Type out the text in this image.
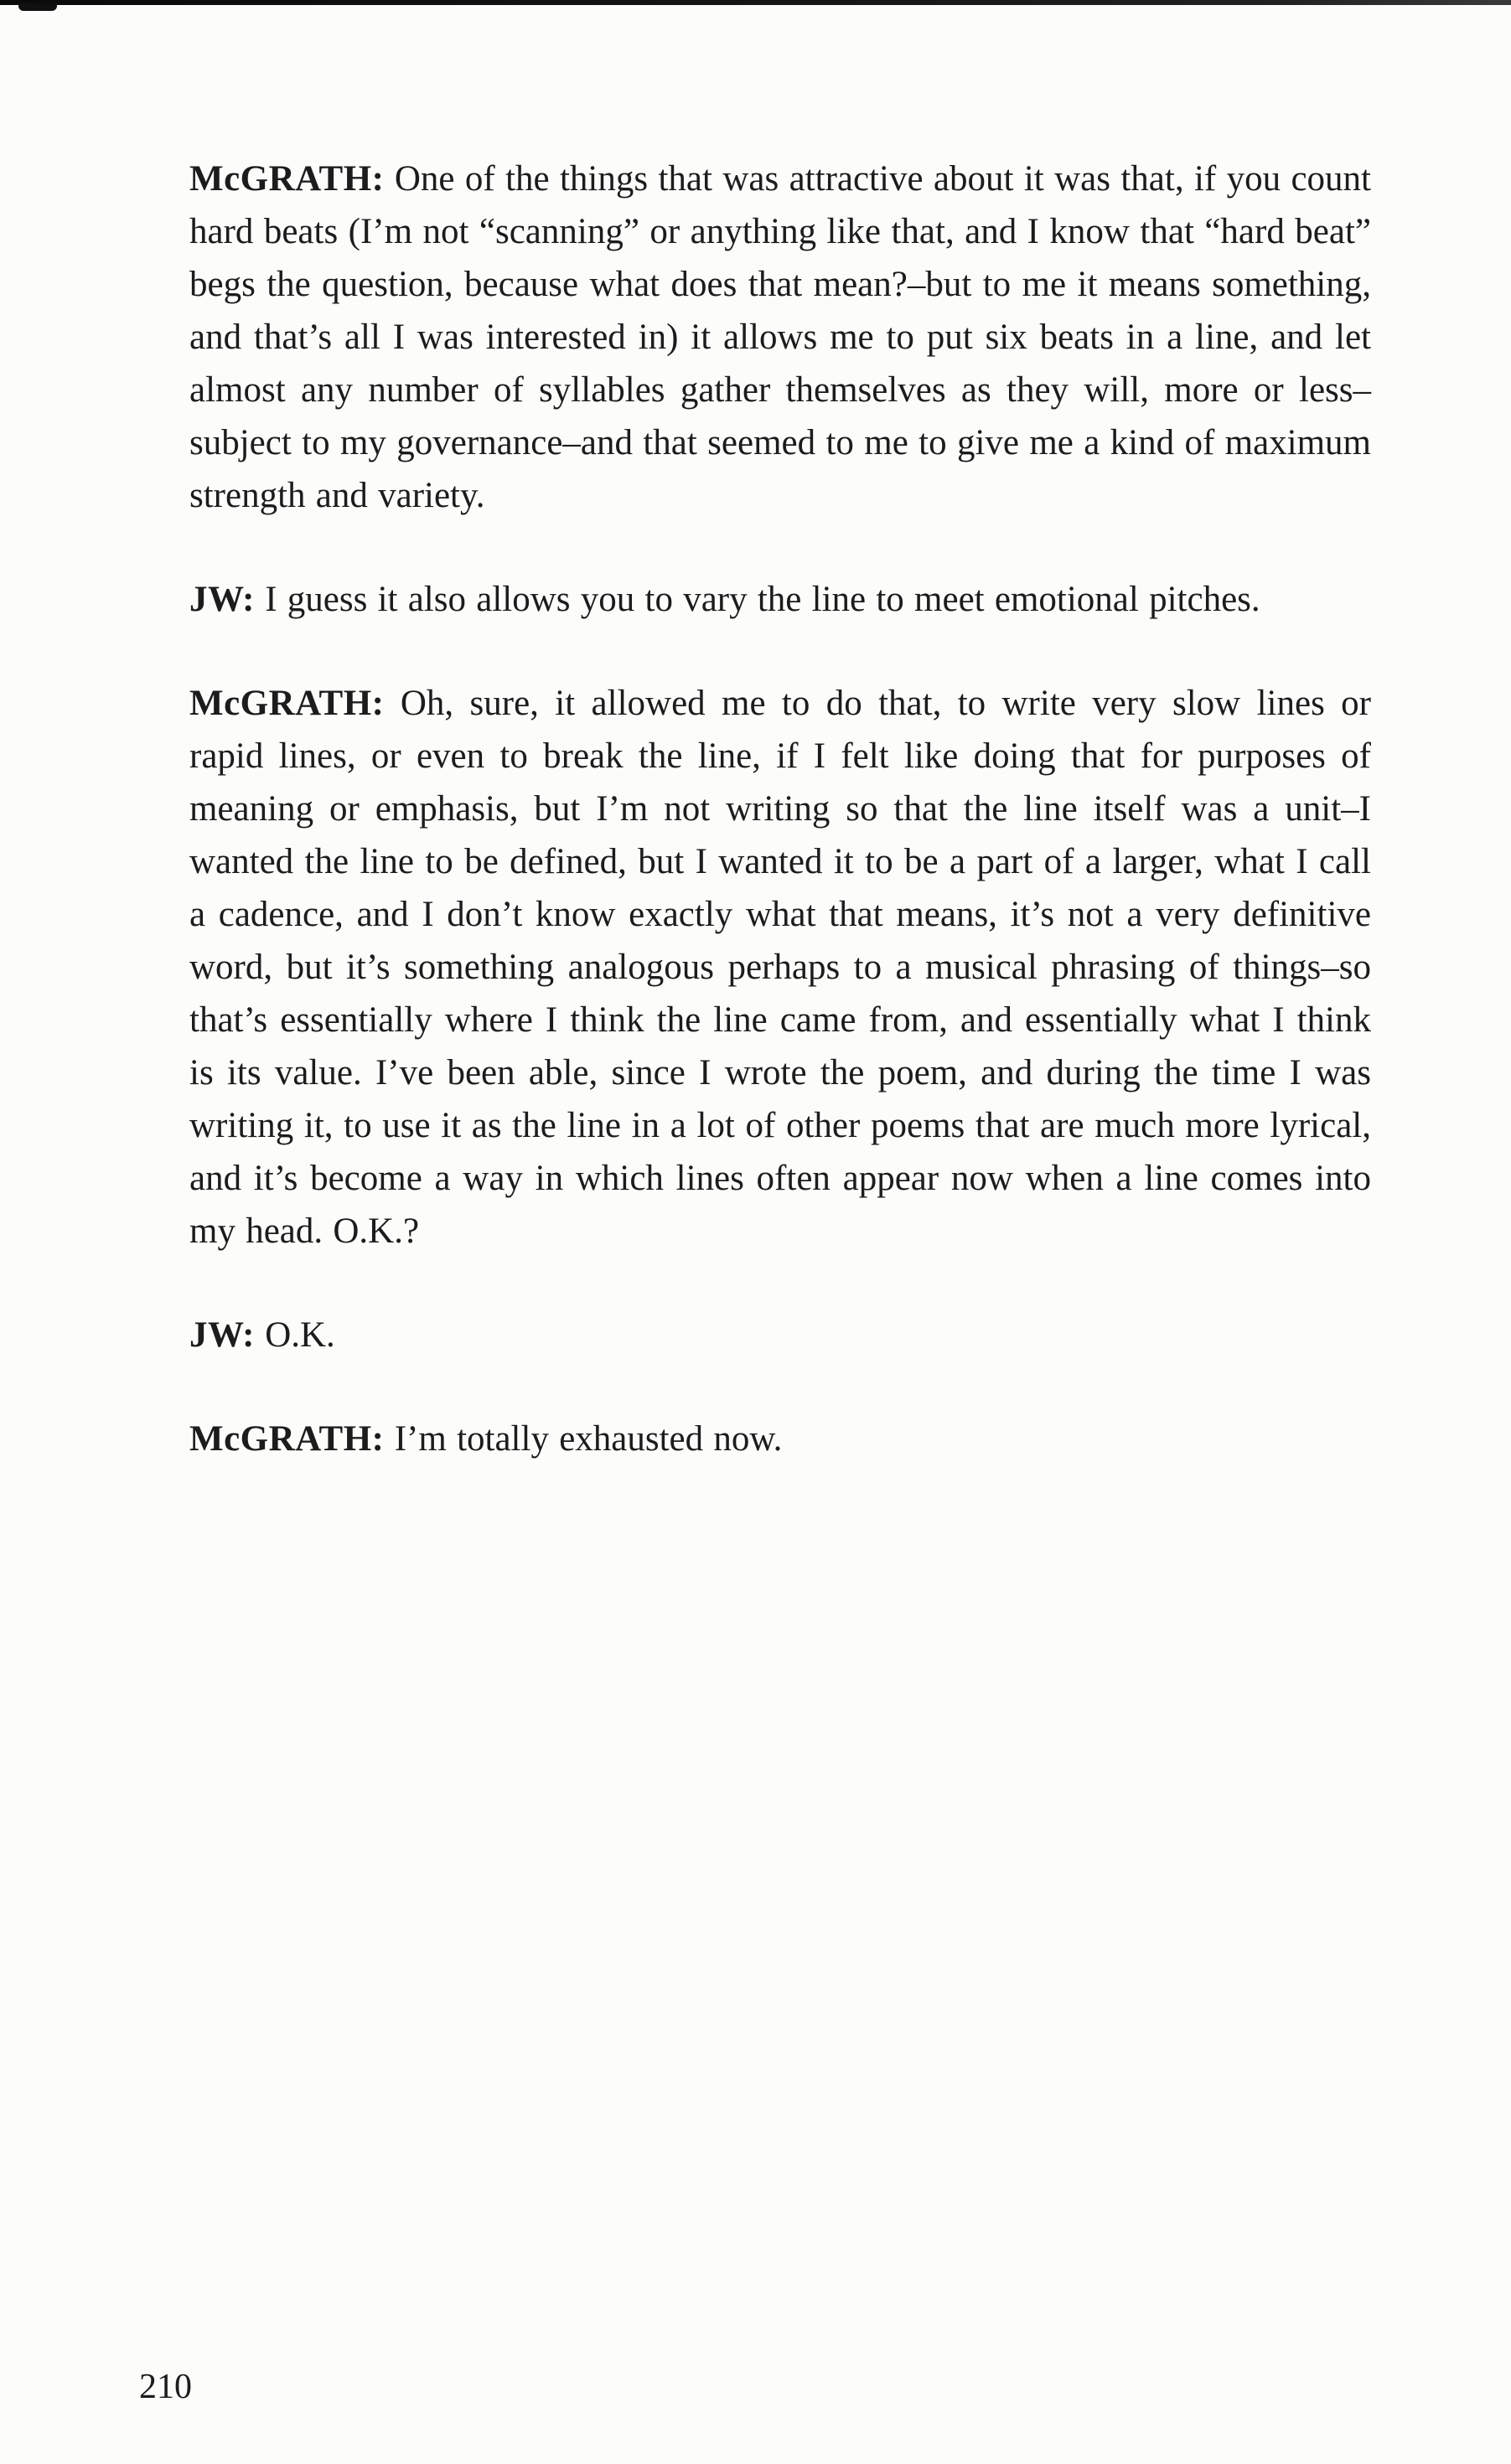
McGRATH: One of the things that was attractive about it was that, if you count hard beats (I’m not “scanning” or anything like that, and I know that “hard beat” begs the question, because what does that mean?–but to me it means something, and that’s all I was interested in) it allows me to put six beats in a line, and let almost any number of syllables gather themselves as they will, more or less–subject to my governance–and that seemed to me to give me a kind of maximum strength and variety.

JW: I guess it also allows you to vary the line to meet emotional pitches.

McGRATH: Oh, sure, it allowed me to do that, to write very slow lines or rapid lines, or even to break the line, if I felt like doing that for purposes of meaning or emphasis, but I’m not writing so that the line itself was a unit–I wanted the line to be defined, but I wanted it to be a part of a larger, what I call a cadence, and I don’t know exactly what that means, it’s not a very definitive word, but it’s something analogous perhaps to a musical phrasing of things–so that’s essentially where I think the line came from, and essentially what I think is its value. I’ve been able, since I wrote the poem, and during the time I was writing it, to use it as the line in a lot of other poems that are much more lyrical, and it’s become a way in which lines often appear now when a line comes into my head. O.K.?

JW: O.K.

McGRATH: I’m totally exhausted now.

210
